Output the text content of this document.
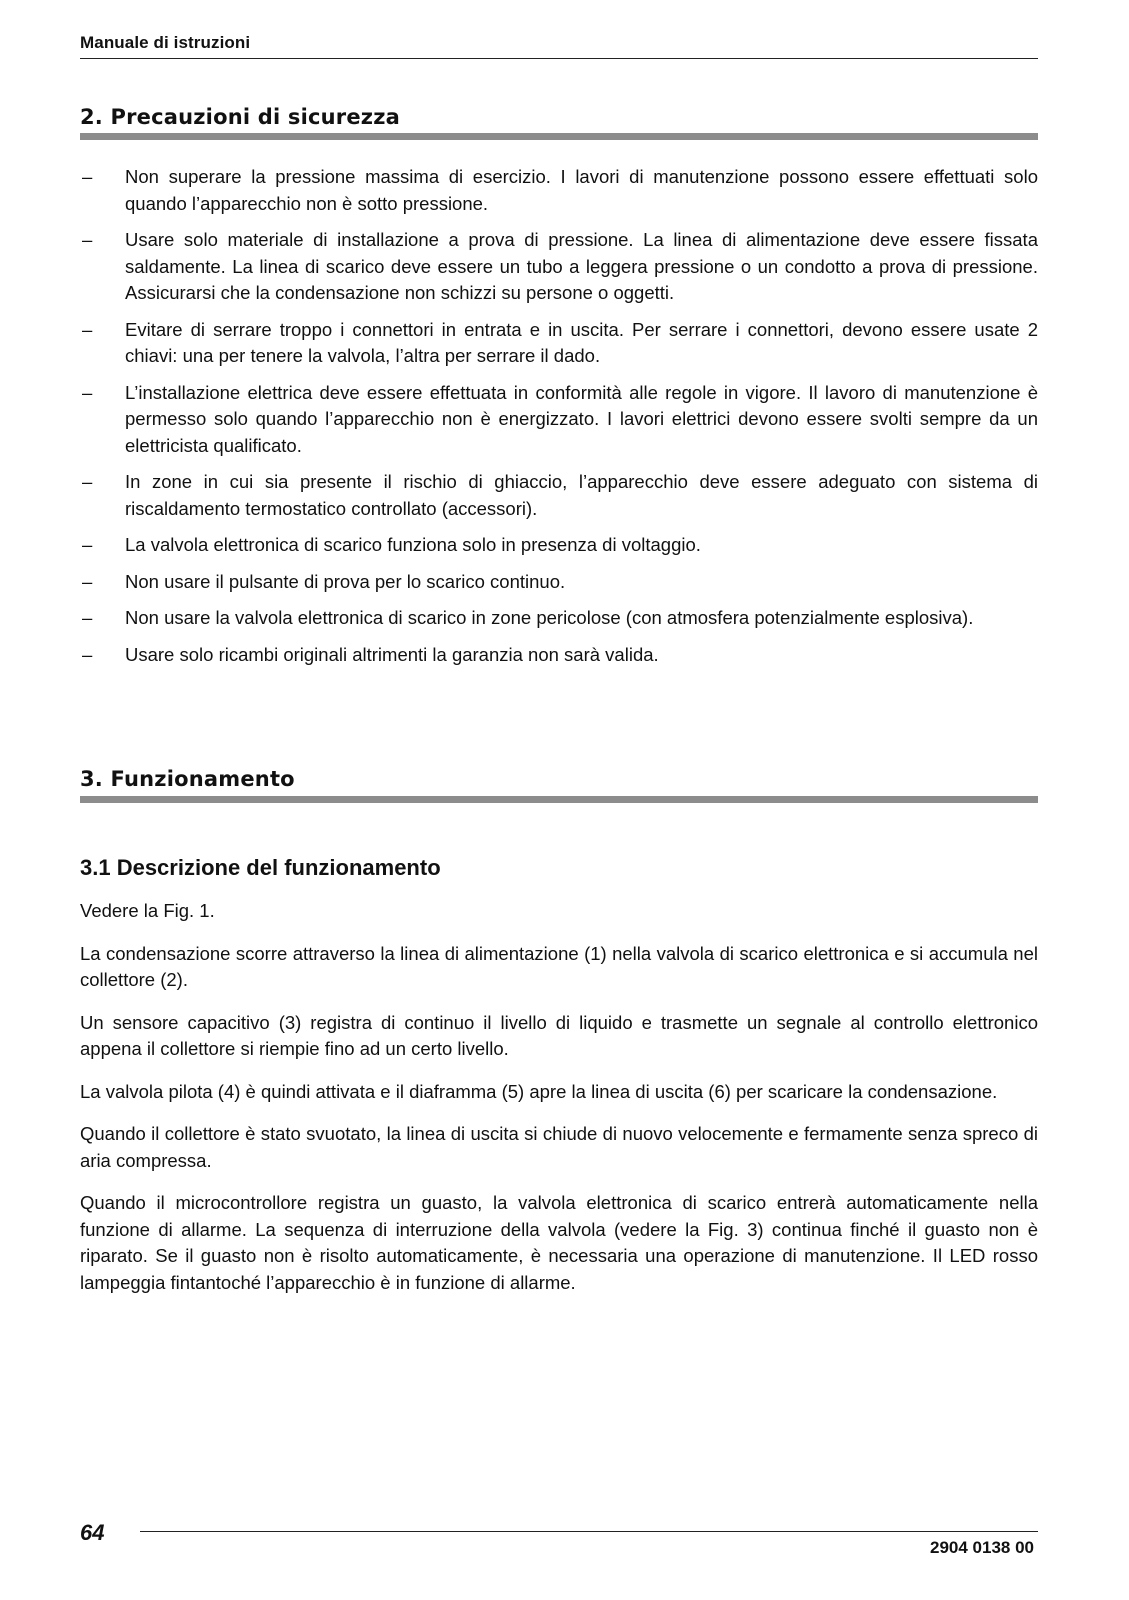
Manuale di istruzioni
2. Precauzioni di sicurezza
– Non superare la pressione massima di esercizio. I lavori di manutenzione possono essere effettuati solo quando l’apparecchio non è sotto pressione.
– Usare solo materiale di installazione a prova di pressione. La linea di alimentazione deve essere fissata saldamente. La linea di scarico deve essere un tubo a leggera pressione o un condotto a prova di pressione. Assicurarsi che la condensazione non schizzi su persone o oggetti.
– Evitare di serrare troppo i connettori in entrata e in uscita. Per serrare i connettori, devono essere usate 2 chiavi: una per tenere la valvola, l’altra per serrare il dado.
– L’installazione elettrica deve essere effettuata in conformità alle regole in vigore. Il lavoro di manutenzione è permesso solo quando l’apparecchio non è energizzato. I lavori elettrici devono essere svolti sempre da un elettricista qualificato.
– In zone in cui sia presente il rischio di ghiaccio, l’apparecchio deve essere adeguato con sistema di riscaldamento termostatico controllato (accessori).
– La valvola elettronica di scarico funziona solo in presenza di voltaggio.
– Non usare il pulsante di prova per lo scarico continuo.
– Non usare la valvola elettronica di scarico in zone pericolose (con atmosfera potenzialmente esplosiva).
– Usare solo ricambi originali altrimenti la garanzia non sarà valida.
3. Funzionamento
3.1 Descrizione del funzionamento

Vedere la Fig. 1.

La condensazione scorre attraverso la linea di alimentazione (1) nella valvola di scarico elettronica e si accumula nel collettore (2).

Un sensore capacitivo (3) registra di continuo il livello di liquido e trasmette un segnale al controllo elettronico appena il collettore si riempie fino ad un certo livello.

La valvola pilota (4) è quindi attivata e il diaframma (5) apre la linea di uscita (6) per scaricare la condensazione.

Quando il collettore è stato svuotato, la linea di uscita si chiude di nuovo velocemente e fermamente senza spreco di aria compressa.

Quando il microcontrollore registra un guasto, la valvola elettronica di scarico entrerà automaticamente nella funzione di allarme. La sequenza di interruzione della valvola (vedere la Fig. 3) continua finché il guasto non è riparato. Se il guasto non è risolto automaticamente, è necessaria una operazione di manutenzione. Il LED rosso lampeggia fintantoché l’apparecchio è in funzione di allarme.

64
2904 0138 00
